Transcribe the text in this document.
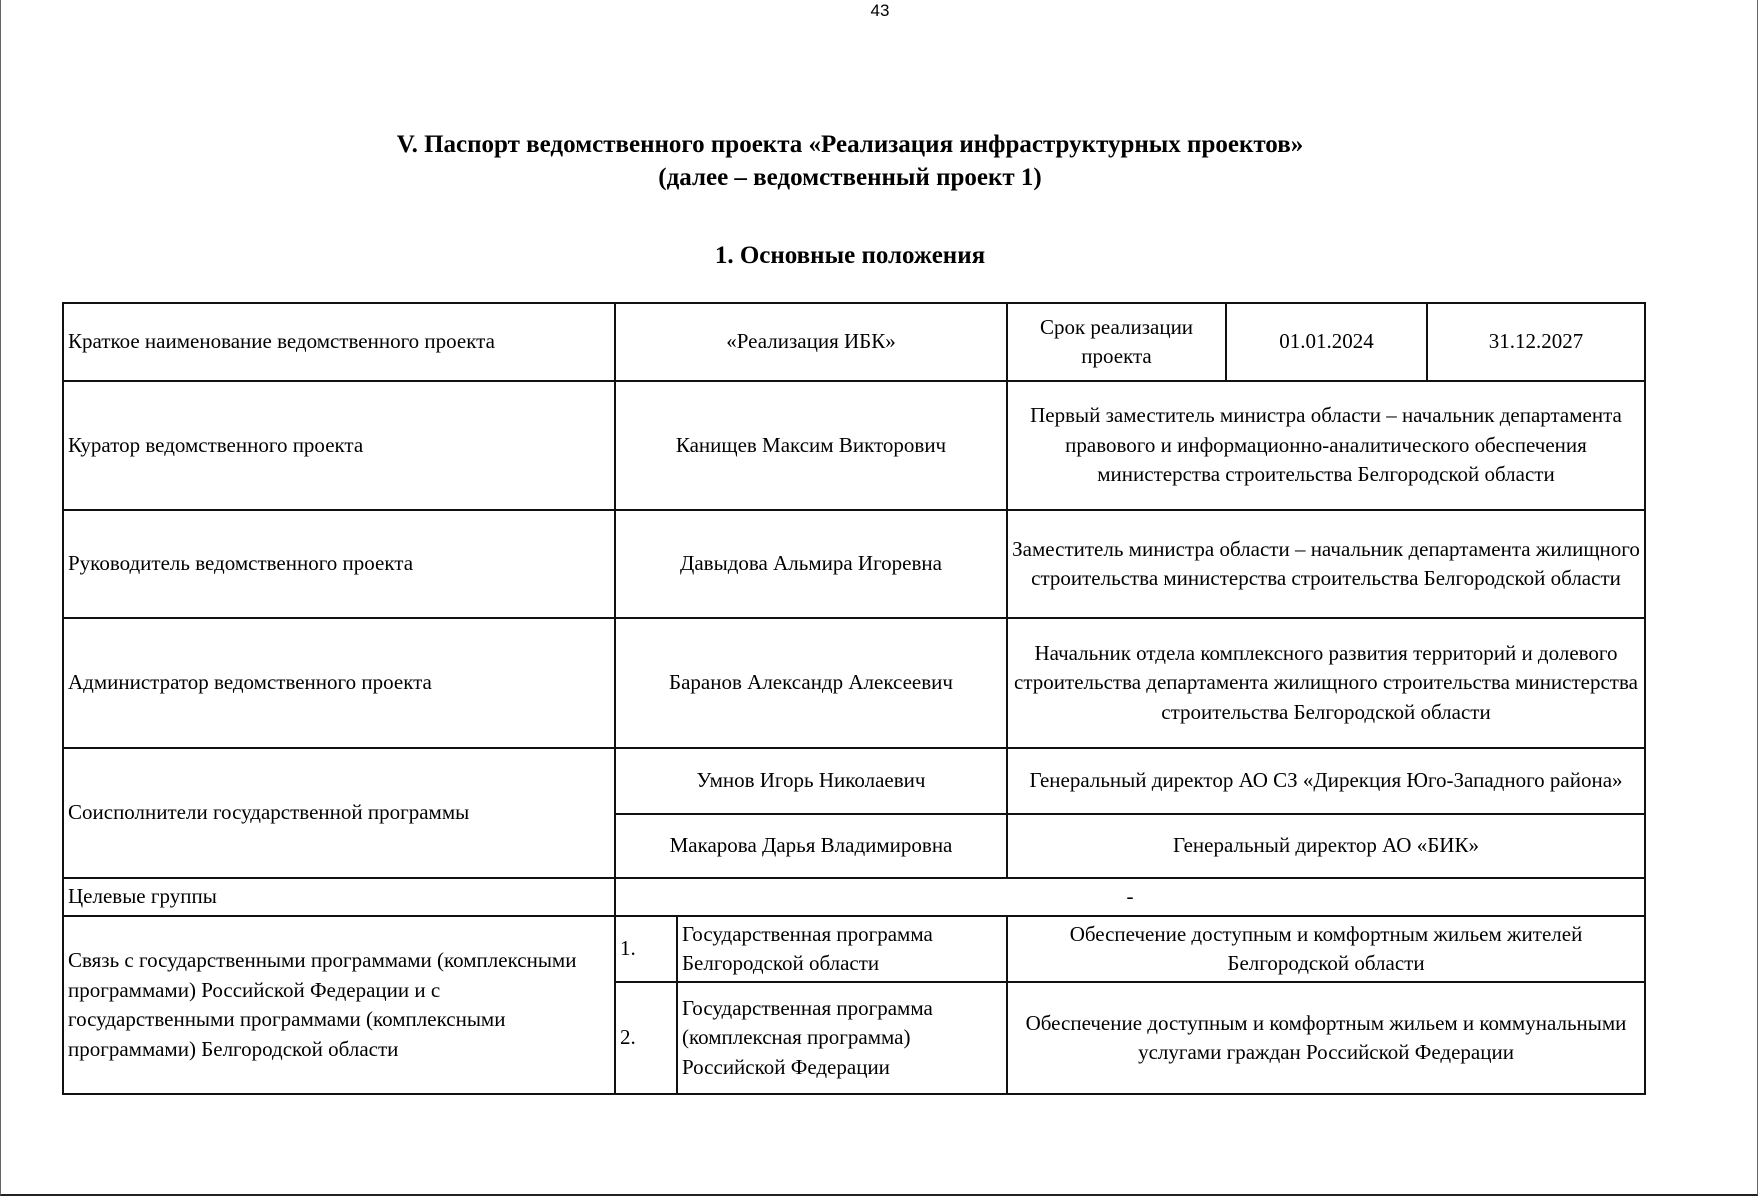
43
V. Паспорт ведомственного проекта «Реализация инфраструктурных проектов»
(далее – ведомственный проект 1)
1. Основные положения
Краткое наименование ведомственного проекта	«Реализация ИБК»		Срок реализации проекта	01.01.2024	31.12.2027
Куратор ведомственного проекта	Канищев Максим Викторович		Первый заместитель министра области – начальник департамента правового и информационно-аналитического обеспечения министерства строительства Белгородской области		
Руководитель ведомственного проекта	Давыдова Альмира Игоревна		Заместитель министра области – начальник департамента жилищного строительства министерства строительства Белгородской области		
Администратор ведомственного проекта	Баранов Александр Алексеевич		Начальник отдела комплексного развития территорий и долевого строительства департамента жилищного строительства министерства строительства Белгородской области		
Соисполнители государственной программы	Умнов Игорь Николаевич		Генеральный директор АО СЗ «Дирекция Юго-Западного района»		
	Макарова Дарья Владимировна		Генеральный директор АО «БИК»		
Целевые группы	-				
Связь с государственными программами (комплексными программами) Российской Федерации и с государственными программами (комплексными программами) Белгородской области	1.	Государственная программа Белгородской области	Обеспечение доступным и комфортным жильем жителей Белгородской области		
	2.	Государственная программа (комплексная программа) Российской Федерации	Обеспечение доступным и комфортным жильем и коммунальными услугами граждан Российской Федерации		
